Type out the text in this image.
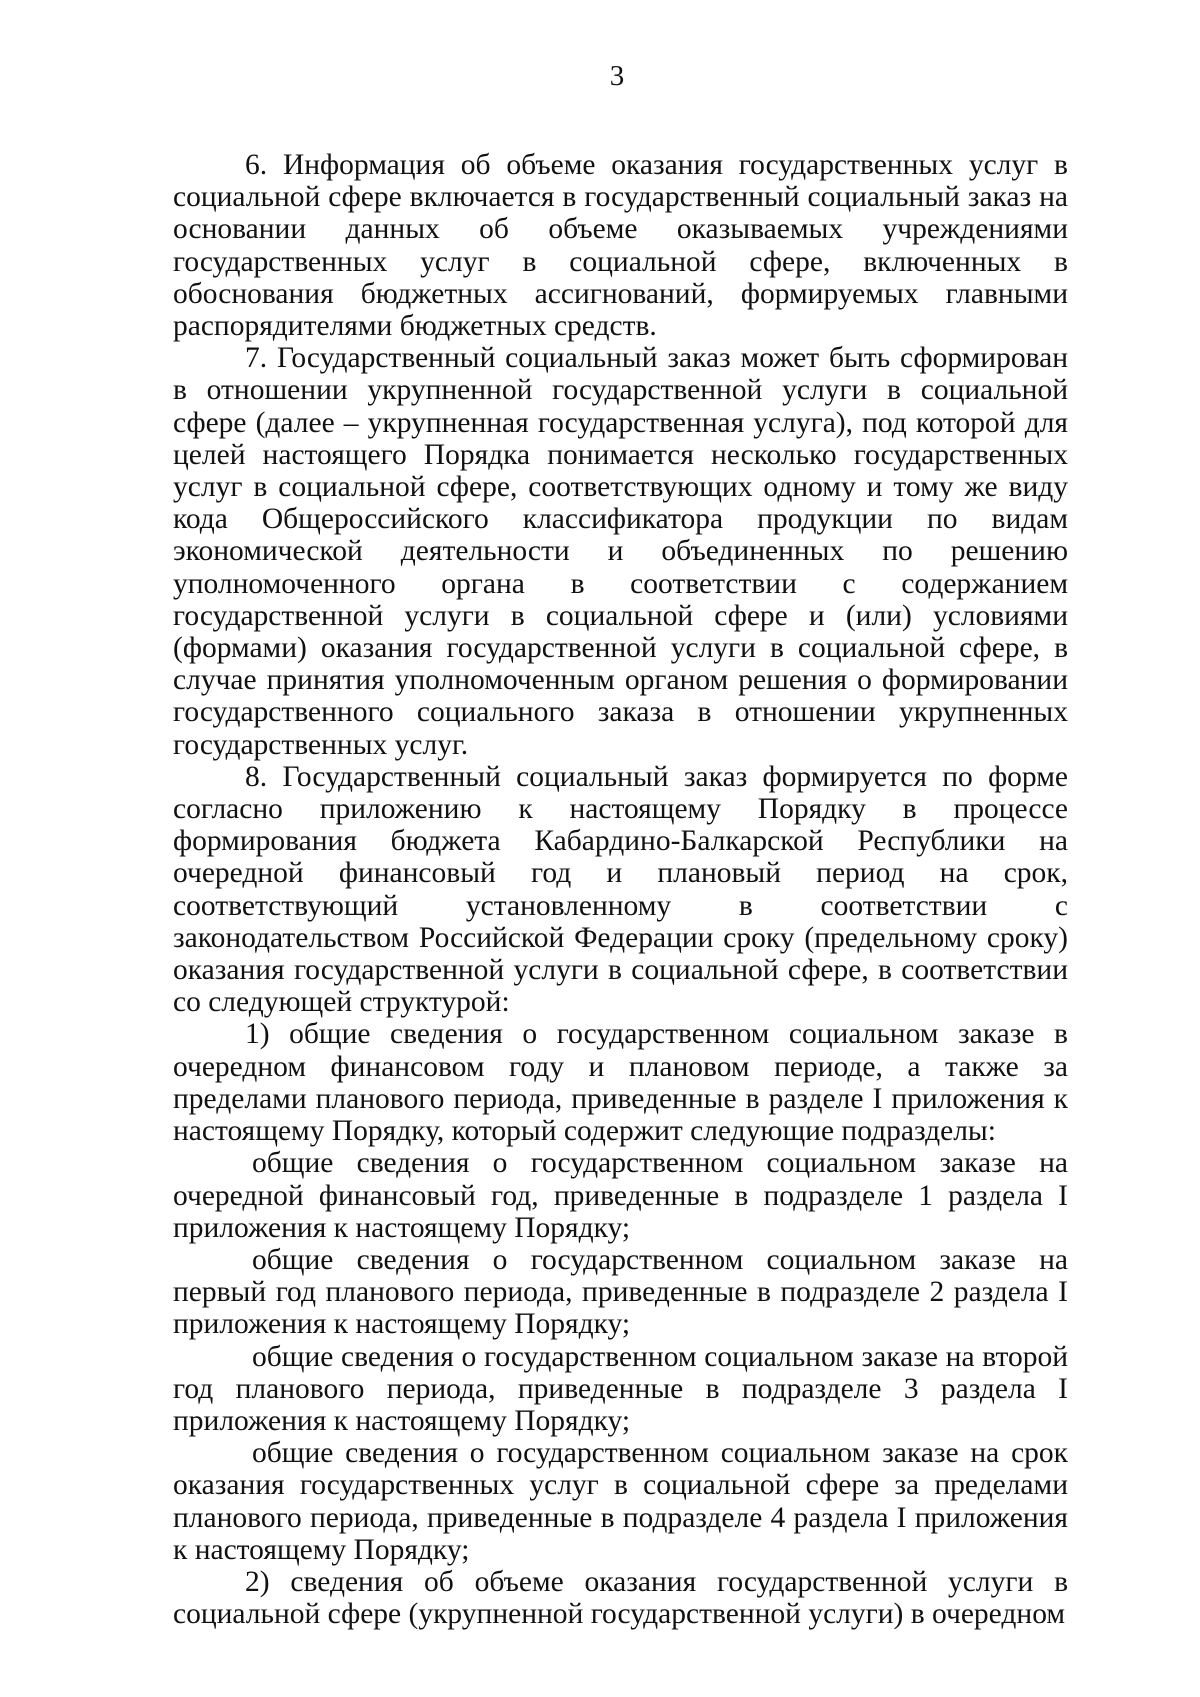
3

6. Информация об объеме оказания государственных услуг в социальной сфере включается в государственный социальный заказ на основании данных об объеме оказываемых учреждениями государственных услуг в социальной сфере, включенных в обоснования бюджетных ассигнований, формируемых главными распорядителями бюджетных средств.

7. Государственный социальный заказ может быть сформирован в отношении укрупненной государственной услуги в социальной сфере (далее – укрупненная государственная услуга), под которой для целей настоящего Порядка понимается несколько государственных услуг в социальной сфере, соответствующих одному и тому же виду кода Общероссийского классификатора продукции по видам экономической деятельности и объединенных по решению уполномоченного органа в соответствии с содержанием государственной услуги в социальной сфере и (или) условиями (формами) оказания государственной услуги в социальной сфере, в случае принятия уполномоченным органом решения о формировании государственного социального заказа в отношении укрупненных государственных услуг.

8. Государственный социальный заказ формируется по форме согласно приложению к настоящему Порядку в процессе формирования бюджета Кабардино-Балкарской Республики на очередной финансовый год и плановый период на срок, соответствующий установленному в соответствии с законодательством Российской Федерации сроку (предельному сроку) оказания государственной услуги в социальной сфере, в соответствии со следующей структурой:

1) общие сведения о государственном социальном заказе в очередном финансовом году и плановом периоде, а также за пределами планового периода, приведенные в разделе I приложения к настоящему Порядку, который содержит следующие подразделы:

общие сведения о государственном социальном заказе на очередной финансовый год, приведенные в подразделе 1 раздела I приложения к настоящему Порядку;

общие сведения о государственном социальном заказе на первый год планового периода, приведенные в подразделе 2 раздела I приложения к настоящему Порядку;

общие сведения о государственном социальном заказе на второй год планового периода, приведенные в подразделе 3 раздела I приложения к настоящему Порядку;

общие сведения о государственном социальном заказе на срок оказания государственных услуг в социальной сфере за пределами планового периода, приведенные в подразделе 4 раздела I приложения к настоящему Порядку;

2) сведения об объеме оказания государственной услуги в социальной сфере (укрупненной государственной услуги) в очередном
